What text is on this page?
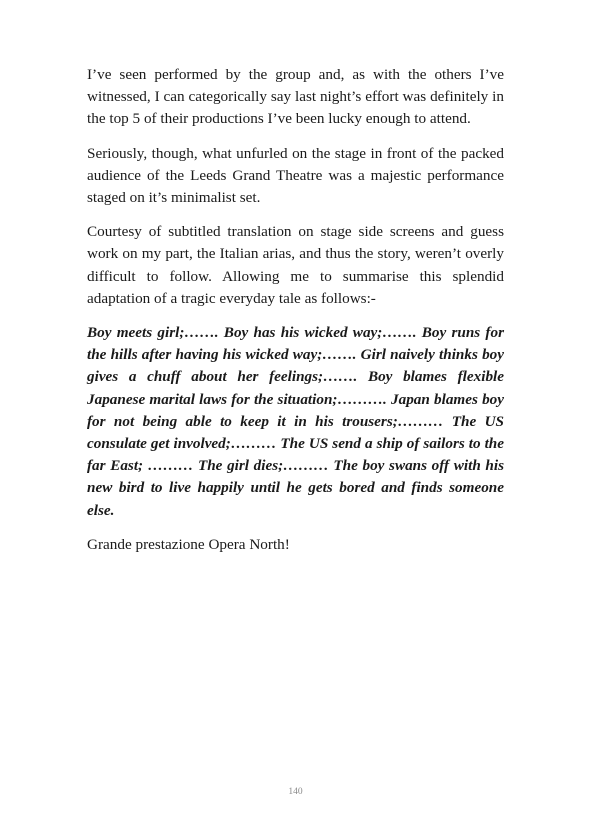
I’ve seen performed by the group and, as with the others I’ve witnessed, I can categorically say last night’s effort was definitely in the top 5 of their productions I’ve been lucky enough to attend.

Seriously, though, what unfurled on the stage in front of the packed audience of the Leeds Grand Theatre was a majestic performance staged on it’s minimalist set.

Courtesy of subtitled translation on stage side screens and guess work on my part, the Italian arias, and thus the story, weren’t overly difficult to follow. Allowing me to summarise this splendid adaptation of a tragic everyday tale as follows:-

Boy meets girl;……. Boy has his wicked way;……. Boy runs for the hills after having his wicked way;……. Girl naively thinks boy gives a chuff about her feelings;……. Boy blames flexible Japanese marital laws for the situation;………. Japan blames boy for not being able to keep it in his trousers;……… The US consulate get involved;……… The US send a ship of sailors to the far East; ……… The girl dies;……… The boy swans off with his new bird to live happily until he gets bored and finds someone else.

Grande prestazione Opera North!

140
